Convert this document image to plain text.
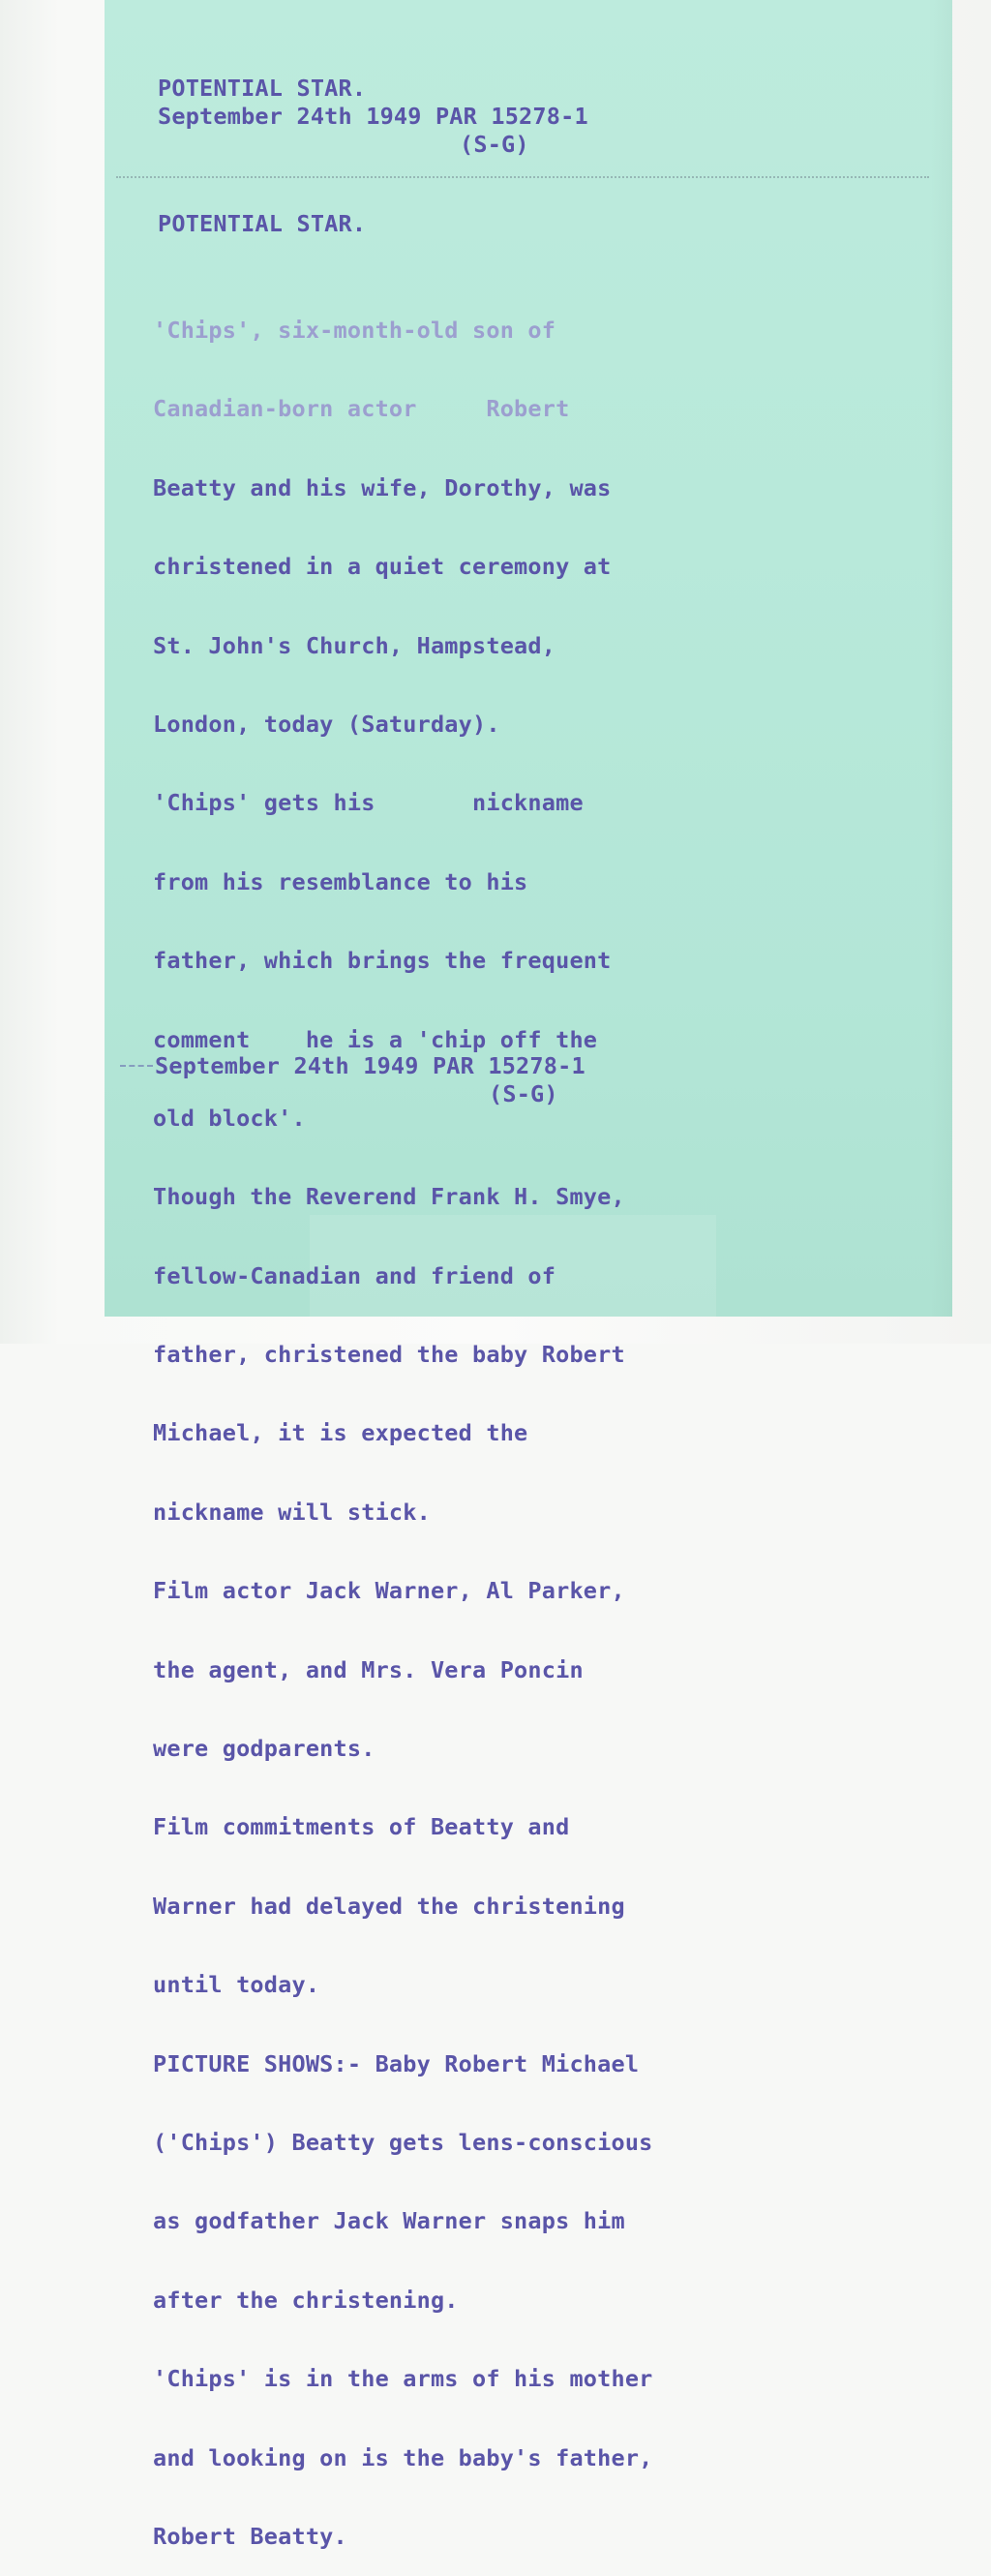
POTENTIAL STAR.

September 24th 1949 PAR 15278-1

(S-G)

POTENTIAL STAR.

'Chips', six-month-old son of

Canadian-born actor     Robert

Beatty and his wife, Dorothy, was

christened in a quiet ceremony at

St. John's Church, Hampstead,

London, today (Saturday).

'Chips' gets his       nickname

from his resemblance to his

father, which brings the frequent

comment    he is a 'chip off the

old block'.

Though the Reverend Frank H. Smye,

fellow-Canadian and friend of

father, christened the baby Robert

Michael, it is expected the

nickname will stick.

Film actor Jack Warner, Al Parker,

the agent, and Mrs. Vera Poncin

were godparents.

Film commitments of Beatty and

Warner had delayed the christening

until today.

PICTURE SHOWS:- Baby Robert Michael

('Chips') Beatty gets lens-conscious

as godfather Jack Warner snaps him

after the christening.

'Chips' is in the arms of his mother

and looking on is the baby's father,

Robert Beatty.

September 24th 1949 PAR 15278-1

(S-G)
